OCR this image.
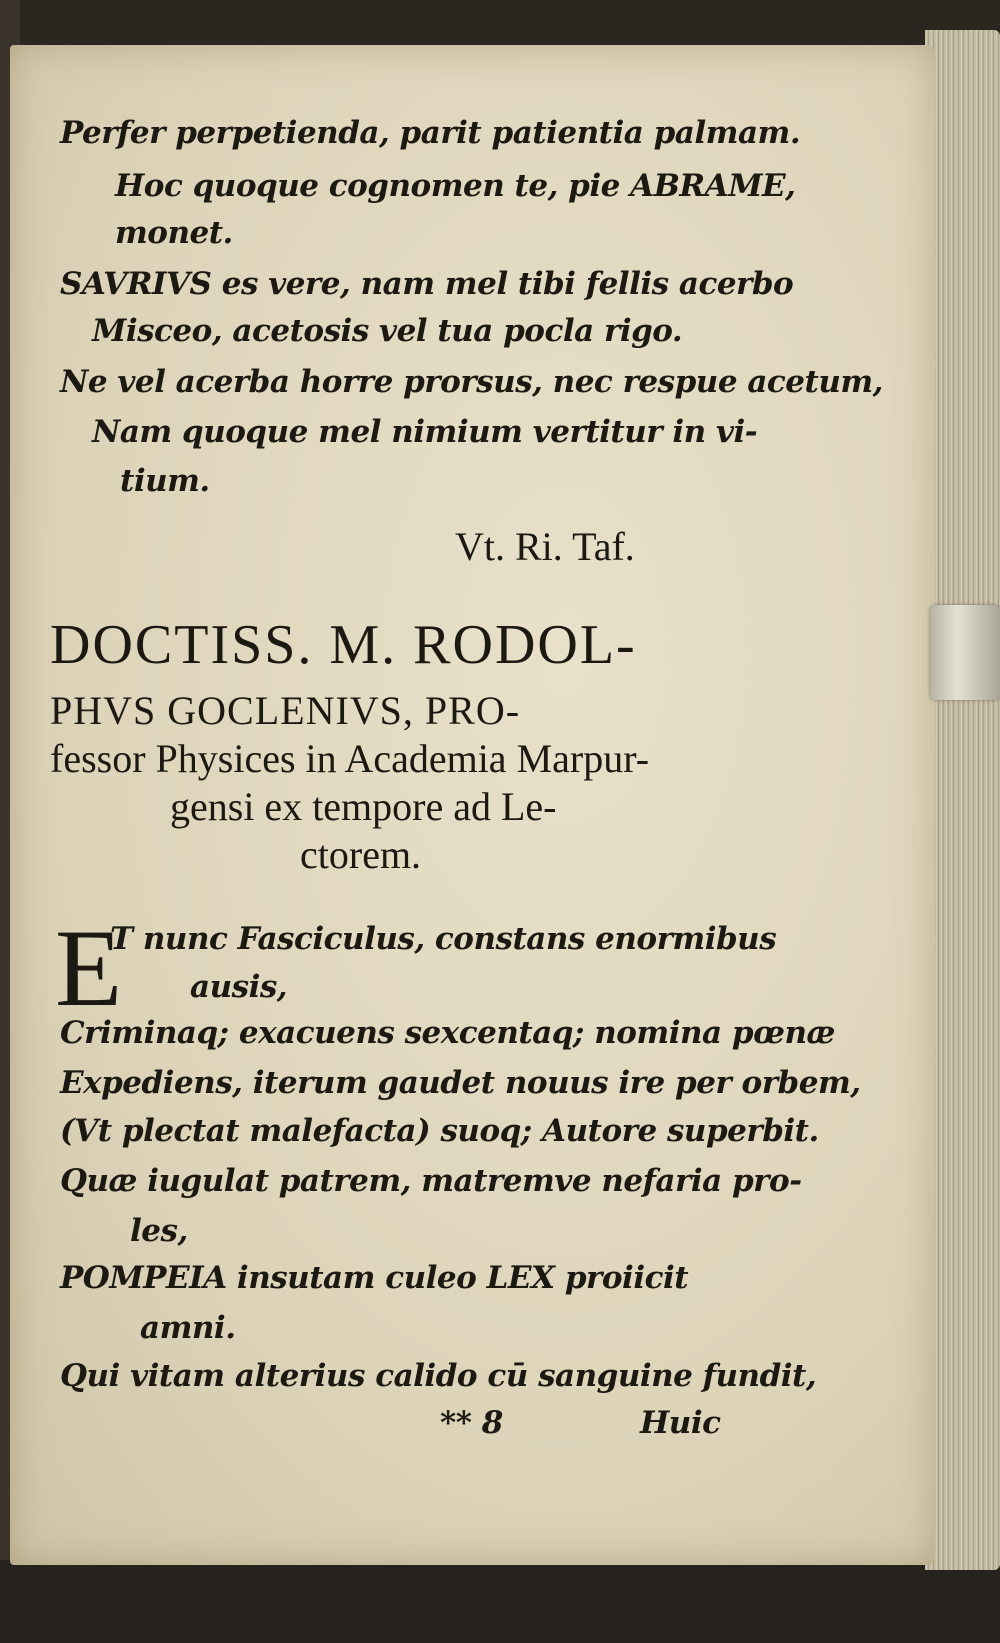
Perfer perpetienda, parit patientia palmam.
Hoc quoque cognomen te, pie ABRAME,
monet.
SAVRIVS es vere, nam mel tibi fellis acerbo
Misceo, acetosis vel tua pocla rigo.
Ne vel acerba horre prorsus, nec respue acetum,
Nam quoque mel nimium vertitur in vi-
tium.
Vt. Ri. Taf.
DOCTISS. M. RODOL-
PHVS GOCLENIVS, PRO-
fessor Physices in Academia Marpur-
gensi ex tempore ad Le-
ctorem.
E
T nunc Fasciculus, constans enormibus
ausis,
Criminaq; exacuens sexcentaq; nomina pœnæ
Expediens, iterum gaudet nouus ire per orbem,
(Vt plectat malefacta) suoq; Autore superbit.
Quæ iugulat patrem, matremve nefaria pro-
les,
POMPEIA insutam culeo LEX proiicit
amni.
Qui vitam alterius calido cū sanguine fundit,
** 8	Huic
